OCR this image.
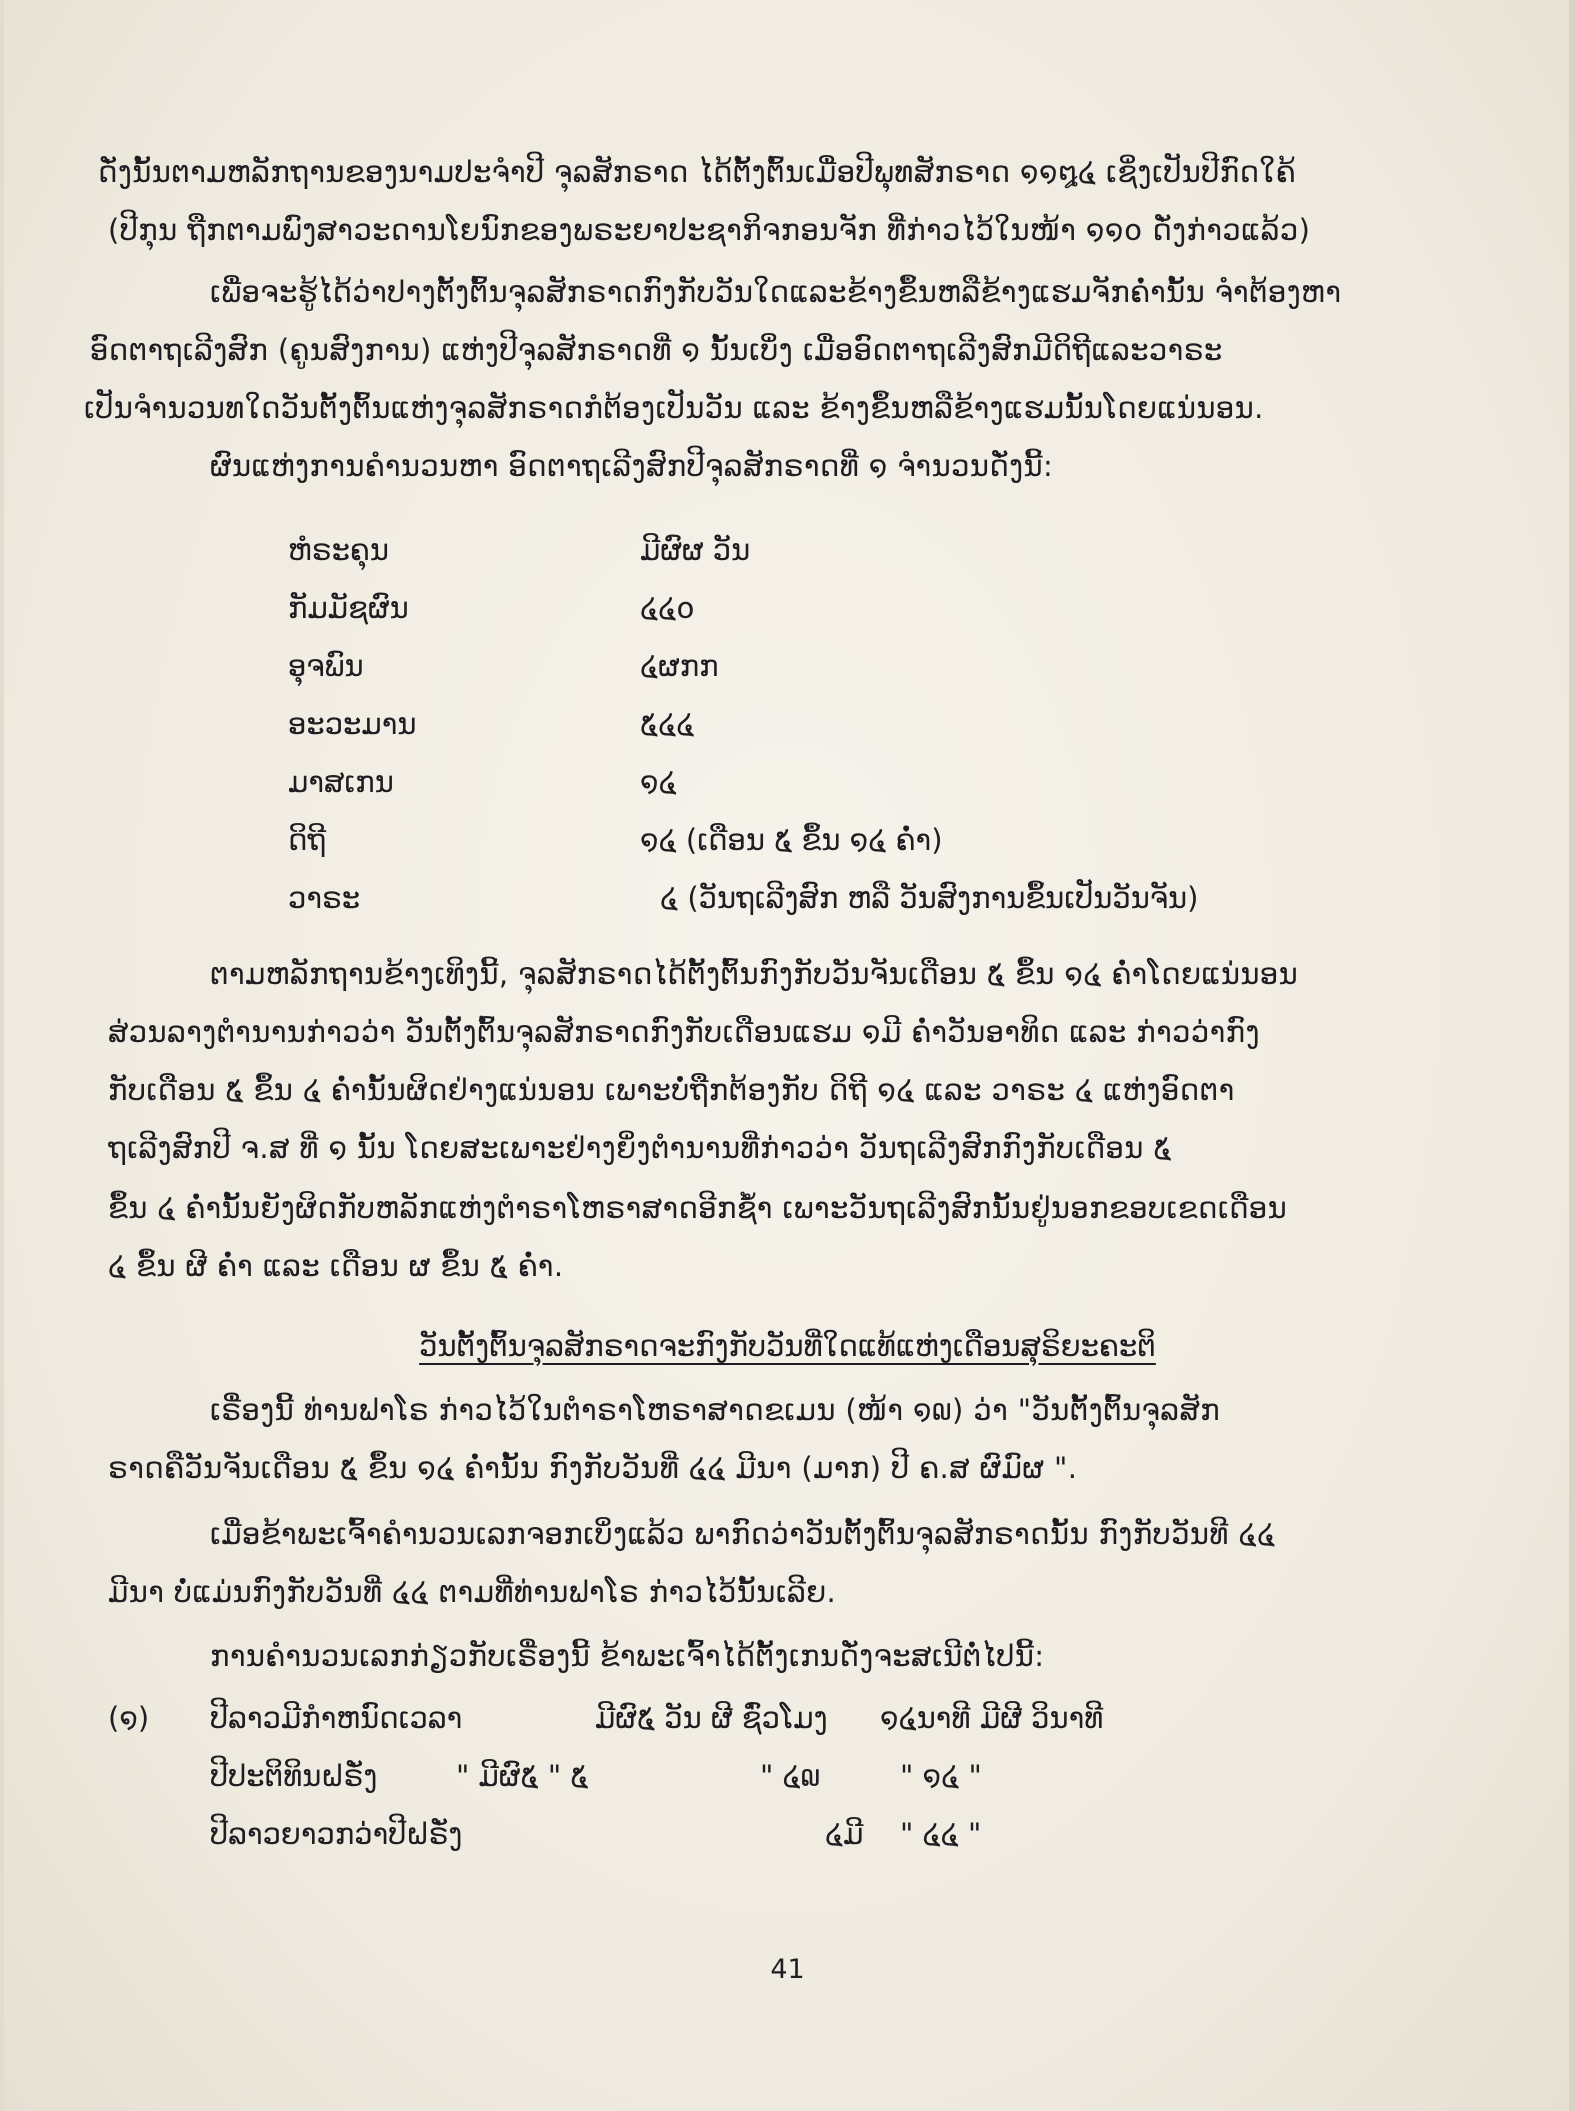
ດັ່ງນັ້ນຕາມຫລັກຖານຂອງນາມປະຈຳປີ ຈຸລສັກຣາດ ໄດ້ຕັ້ງຕົ້ນເມື່ອປີພຸທສັກຣາດ ໑໑໘໔ ເຊິ່ງເປັນປີກົດໃຄ້
(ປີກຸນ ຖືກຕາມພົງສາວະດານໂຍນົກຂອງພຣະຍາປະຊາກິຈກອນຈັກ ທີ່ກ່າວໄວ້ໃນໜ້າ ໑໑໐ ດັ່ງກ່າວແລ້ວ)
ເພື່ອຈະຮູ້ໄດ້ວ່າປາງຕັ້ງຕົ້ນຈຸລສັກຣາດກົງກັບວັນໃດແລະຂ້າງຂຶ້ນຫລືຂ້າງແຮມຈັກຄ່ຳນັ້ນ ຈຳຕ້ອງຫາ
ອົດຕາຖເລີງສົກ (ຄູນສົງການ) ແຫ່ງປີຈຸລສັກຣາດທີ່ ໑ ນັ້ນເບິ່ງ ເມື່ອອົດຕາຖເລີງສົກມີດິຖີແລະວາຣະ
ເປັນຈຳນວນທໃດວັນຕັ້ງຕົ້ນແຫ່ງຈຸລສັກຣາດກໍຕ້ອງເປັນວັນ ແລະ ຂ້າງຂຶ້ນຫລືຂ້າງແຮມນັ້ນໂດຍແນ່ນອນ.
ຜົນແຫ່ງການຄຳນວນຫາ ອົດຕາຖເລີງສົກປີຈຸລສັກຣາດທີ່ ໑ ຈຳນວນດັ່ງນີ້:
ຫໍຣະຄຸນ	ມີຜົຜ ວັນ
ກັມມັຊຜົນ	໔໔໐
ອຸຈພົນ	໔ຜກກ
ອະວະມານ	໕໔໔
ມາສເກນ	໑໔
ດິຖີ	໑໔ (ເດືອນ ໕ ຂຶ້ນ ໑໔ ຄ່ຳ)
ວາຣະ	໔ (ວັນຖເລີງສົກ ຫລື ວັນສົງການຂຶ້ນເປັນວັນຈັນ)
ຕາມຫລັກຖານຂ້າງເທິງນີ້, ຈຸລສັກຣາດໄດ້ຕັ້ງຕົ້ນກົງກັບວັນຈັນເດືອນ ໕ ຂຶ້ນ ໑໔ ຄ່ຳໂດຍແນ່ນອນ
ສ່ວນລາງຕຳນານກ່າວວ່າ ວັນຕັ້ງຕົ້ນຈຸລສັກຣາດກົງກັບເດືອນແຮມ ໑ມີ ຄ່ຳວັນອາທິດ ແລະ ກ່າວວ່າກົງ
ກັບເດືອນ ໕ ຂຶ້ນ ໔ ຄ່ຳນັ້ນຜິດຢ່າງແນ່ນອນ ເພາະບໍ່ຖືກຕ້ອງກັບ ດິຖີ ໑໔ ແລະ ວາຣະ ໔ ແຫ່ງອົດຕາ
ຖເລີງສົກປີ ຈ.ສ ທີ່ ໑ ນັ້ນ ໂດຍສະເພາະຢ່າງຍິ່ງຕຳນານທີ່ກ່າວວ່າ ວັນຖເລີງສົກກົງກັບເດືອນ ໕
ຂຶ້ນ ໔ ຄ່ຳນັ້ນຍັງຜິດກັບຫລັກແຫ່ງຕຳຣາໂຫຣາສາດອີກຊ້ຳ ເພາະວັນຖເລີງສົກນັ້ນຢູ່ນອກຂອບເຂດເດືອນ
໔ ຂຶ້ນ ຜີ ຄ່ຳ ແລະ ເດືອນ ຜ ຂຶ້ນ ໕ ຄ່ຳ.
ວັນຕັ້ງຕົ້ນຈຸລສັກຣາດຈະກົງກັບວັນທີ່ໃດແທ້ແຫ່ງເດືອນສຸຣິຍະຄະຕິ
ເຣື່ອງນີ້ ທ່ານຟາໂຣ ກ່າວໄວ້ໃນຕຳຣາໂຫຣາສາດຂເມນ (ໜ້າ ໑໙) ວ່າ "ວັນຕັ້ງຕົ້ນຈຸລສັກ
ຣາດຄືວັນຈັນເດືອນ ໕ ຂຶ້ນ ໑໔ ຄ່ຳນັ້ນ ກົງກັບວັນທີ່ ໔໔ ມີນາ (ມາກ) ປີ ຄ.ສ ຜົມົຜ ".
ເມື່ອຂ້າພະເຈົ້າຄຳນວນເລກຈອກເບິ່ງແລ້ວ ພາກົດວ່າວັນຕັ້ງຕົ້ນຈຸລສັກຣາດນັ້ນ ກົງກັບວັນທີ ໔໔
ມີນາ ບໍ່ແມ່ນກົງກັບວັນທີ່ ໔໔ ຕາມທີ່ທ່ານຟາໂຣ ກ່າວໄວ້ນັ້ນເລີຍ.
ການຄຳນວນເລກກ່ຽວກັບເຣື່ອງນີ້ ຂ້າພະເຈົ້າໄດ້ຕັ້ງເກນດັ່ງຈະສເນີຕໍ່ໄປນີ້:
(໑) ປີລາວມີກຳຫນົດເວລາ	ມີຜົ໕ ວັນ ຜີ ຊົ່ວໂມງ ໑໔ນາທີ ມີຜີ ວິນາທີ
ປີປະຕິທິນຝຣັ່ງ	" ມີຜົ໕ " ໕	" ໔໙	" ໑໔ "
ປີລາວຍາວກວ່າປີຝຣັ່ງ	໔ມີ " ໔໔ "
41
